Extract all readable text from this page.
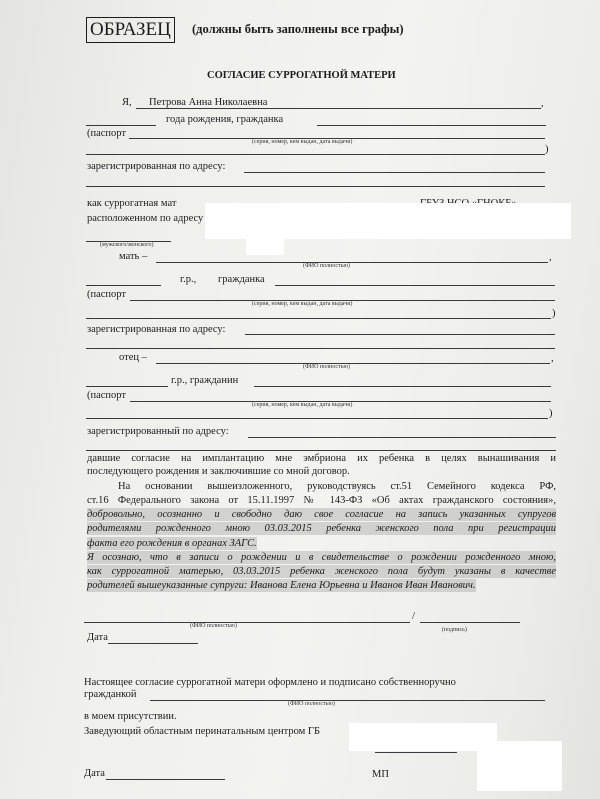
ОБРАЗЕЦ	(должны быть заполнены все графы)
СОГЛАСИЕ СУРРОГАТНОЙ МАТЕРИ
Я, Петрова Анна Николаевна	,
года рождения, гражданка
(паспорт
(серия, номер, кем выдан, дата выдачи)
)
зарегистрированная по адресу:
как суррогатная мат
расположенном по адресу
(мужского/женского)
мать –	,
(ФИО полностью)
г.р., гражданка
(паспорт
(серия, номер, кем выдан, дата выдачи)
)
зарегистрированная по адресу:
отец –	,
(ФИО полностью)
г.р., гражданин
(паспорт
(серия, номер, кем выдан, дата выдачи)
)
зарегистрированный по адресу:
давшие согласие на имплантацию мне эмбриона их ребенка в целях вынашивания и
последующего рождения и заключившие со мной договор.
На основании вышеизложенного, руководствуясь ст.51 Семейного кодекса РФ,
ст.16 Федерального закона от 15.11.1997 № 143-ФЗ «Об актах гражданского состояния»,
добровольно, осознанно и свободно даю свое согласие на запись указанных супругов
родителями рожденного мною 03.03.2015 ребенка женского пола при регистрации
факта его рождения в органах ЗАГС.
Я осознаю, что в записи о рождении и в свидетельстве о рождении рожденного мною,
как суррогатной матерью, 03.03.2015 ребенка женского пола будут указаны в качестве
родителей вышеуказанные супруги: Иванова Елена Юрьевна и Иванов Иван Иванович.
/
(ФИО полностью)
(подпись)
Дата
Настоящее согласие суррогатной матери оформлено и подписано собственноручно
гражданкой
(ФИО полностью)
в моем присутствии.
Заведующий областным перинатальным центром ГБ
Дата	МП
